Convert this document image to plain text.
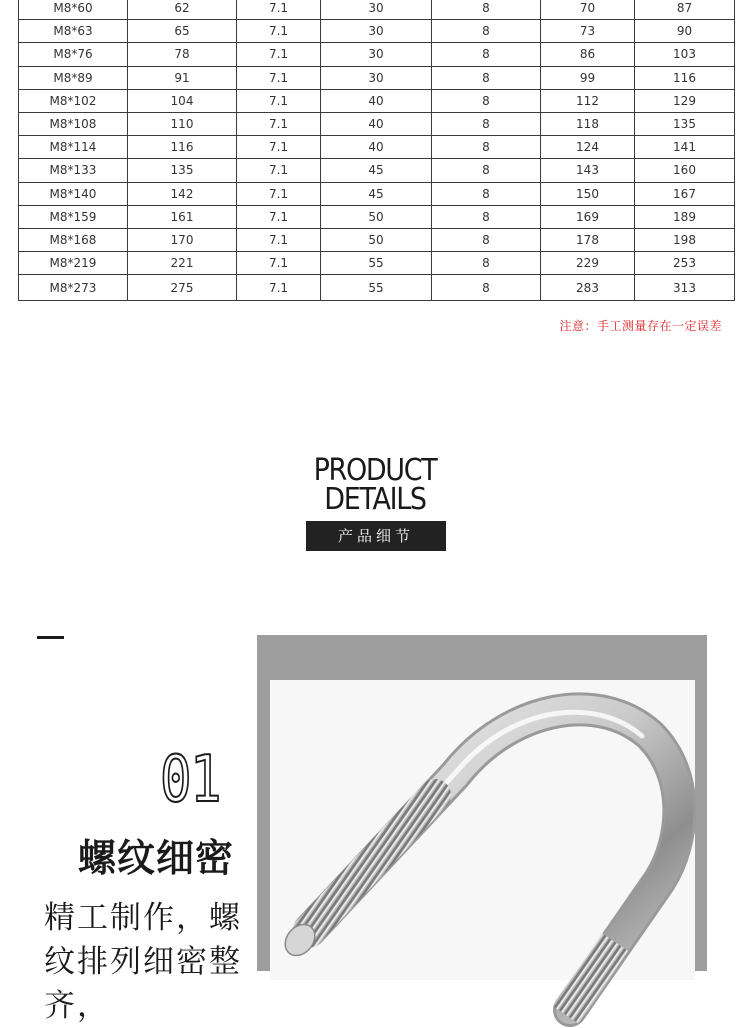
M8*60	62	7.1	30	8	70	87
M8*63	65	7.1	30	8	73	90
M8*76	78	7.1	30	8	86	103
M8*89	91	7.1	30	8	99	116
M8*102	104	7.1	40	8	112	129
M8*108	110	7.1	40	8	118	135
M8*114	116	7.1	40	8	124	141
M8*133	135	7.1	45	8	143	160
M8*140	142	7.1	45	8	150	167
M8*159	161	7.1	50	8	169	189
M8*168	170	7.1	50	8	178	198
M8*219	221	7.1	55	8	229	253
M8*273	275	7.1	55	8	283	313
注意：手工测量存在一定误差
PRODUCT
DETAILS
产品细节
01
螺纹细密
精工制作，螺纹排列细密整齐，
